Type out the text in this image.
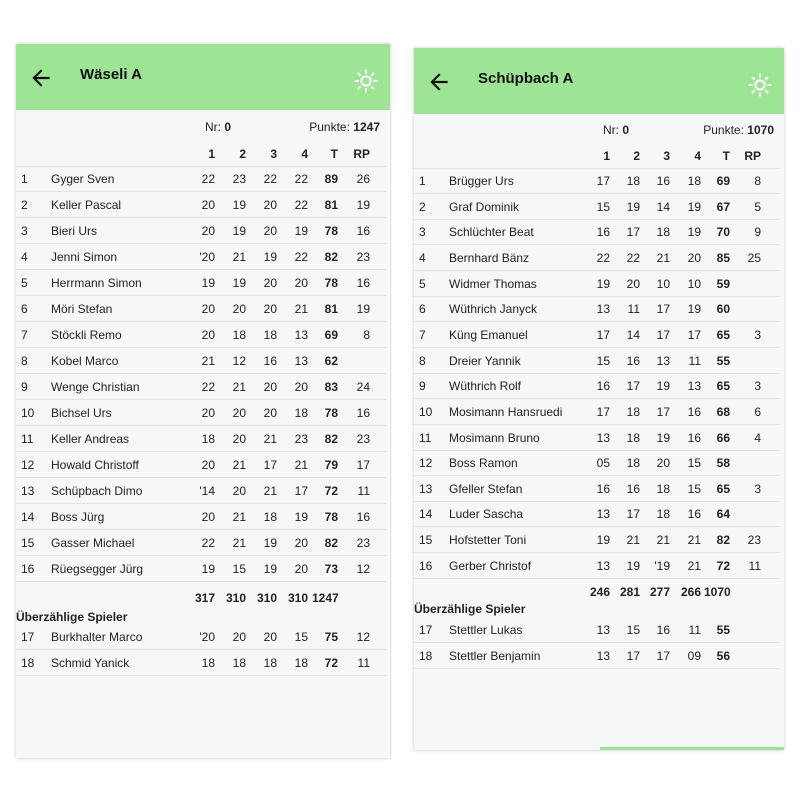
Wäseli A
Nr: 0	Punkte: 1247
1	2	3	4	T	RP
1 Gyger Sven	22	23	22	22	89	26
2 Keller Pascal	20	19	20	22	81	19
3 Bieri Urs	20	19	20	19	78	16
4 Jenni Simon	'20	21	19	22	82	23
5 Herrmann Simon	19	19	20	20	78	16
6 Möri Stefan	20	20	20	21	81	19
7 Stöckli Remo	20	18	18	13	69	8
8 Kobel Marco	21	12	16	13	62
9 Wenge Christian	22	21	20	20	83	24
10 Bichsel Urs	20	20	20	18	78	16
11 Keller Andreas	18	20	21	23	82	23
12 Howald Christoff	20	21	17	21	79	17
13 Schüpbach Dimo	'14	20	21	17	72	11
14 Boss Jürg	20	21	18	19	78	16
15 Gasser Michael	22	21	19	20	82	23
16 Rüegsegger Jürg	19	15	19	20	73	12
317 310 310 310 1247
Überzählige Spieler
17 Burkhalter Marco	'20	20	20	15	75	12
18 Schmid Yanick	18	18	18	18	72	11
Schüpbach A
Nr: 0	Punkte: 1070
1	2	3	4	T	RP
1 Brügger Urs	17	18	16	18	69	8
2 Graf Dominik	15	19	14	19	67	5
3 Schlüchter Beat	16	17	18	19	70	9
4 Bernhard Bänz	22	22	21	20	85	25
5 Widmer Thomas	19	20	10	10	59
6 Wüthrich Janyck	13	11	17	19	60
7 Küng Emanuel	17	14	17	17	65	3
8 Dreier Yannik	15	16	13	11	55
9 Wüthrich Rolf	16	17	19	13	65	3
10 Mosimann Hansruedi	17	18	17	16	68	6
11 Mosimann Bruno	13	18	19	16	66	4
12 Boss Ramon	05	18	20	15	58
13 Gfeller Stefan	16	16	18	15	65	3
14 Luder Sascha	13	17	18	16	64
15 Hofstetter Toni	19	21	21	21	82	23
16 Gerber Christof	13	19	'19	21	72	11
246 281 277 266 1070
Überzählige Spieler
17 Stettler Lukas	13	15	16	11	55
18 Stettler Benjamin	13	17	17	09	56
